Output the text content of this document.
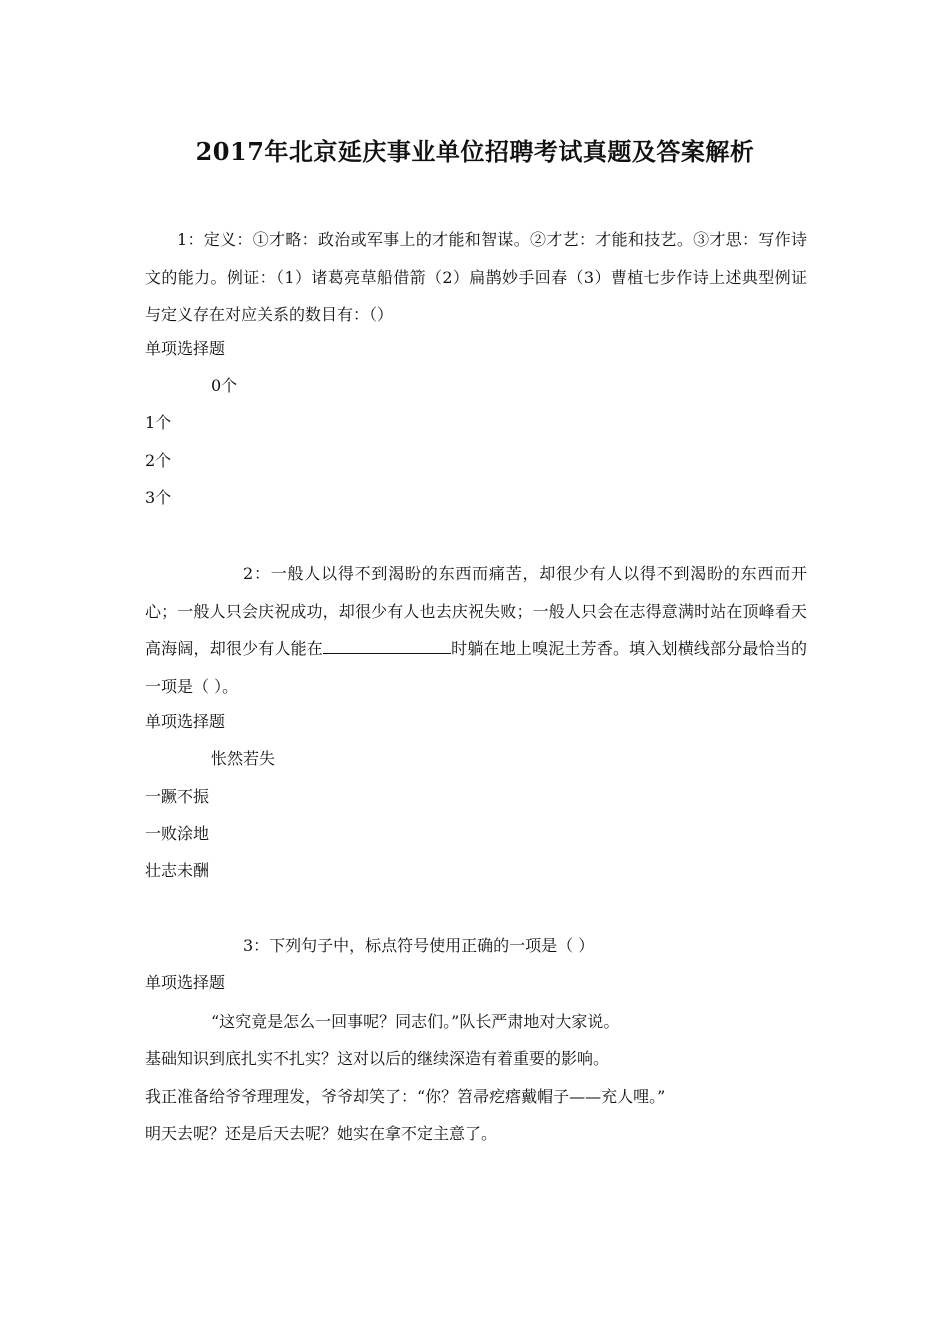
2017年北京延庆事业单位招聘考试真题及答案解析
1：定义：①才略：政治或军事上的才能和智谋。②才艺：才能和技艺。③才思：写作诗文的能力。例证：（1）诸葛亮草船借箭（2）扁鹊妙手回春（3）曹植七步作诗上述典型例证与定义存在对应关系的数目有：（）
单项选择题
0个
1个
2个
3个
2：一般人以得不到渴盼的东西而痛苦，却很少有人以得不到渴盼的东西而开心；一般人只会庆祝成功，却很少有人也去庆祝失败；一般人只会在志得意满时站在顶峰看天高海阔，却很少有人能在	时躺在地上嗅泥土芳香。填入划横线部分最恰当的一项是（ ）。
单项选择题
怅然若失
一蹶不振
一败涂地
壮志未酬
3：下列句子中，标点符号使用正确的一项是（ ）
单项选择题
“这究竟是怎么一回事呢？同志们。”队长严肃地对大家说。
基础知识到底扎实不扎实？这对以后的继续深造有着重要的影响。
我正准备给爷爷理理发，爷爷却笑了：“你？笤帚疙瘩戴帽子——充人哩。”
明天去呢？还是后天去呢？她实在拿不定主意了。
